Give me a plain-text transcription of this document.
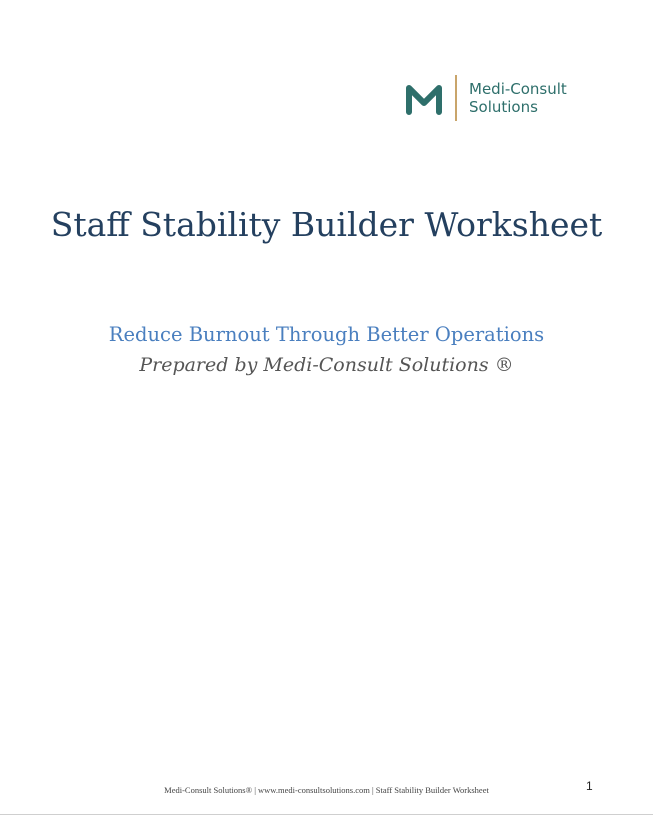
Medi-Consult
Solutions
Staff Stability Builder Worksheet
Reduce Burnout Through Better Operations
Prepared by Medi-Consult Solutions ®
Medi-Consult Solutions® | www.medi-consultsolutions.com | Staff Stability Builder Worksheet	1
